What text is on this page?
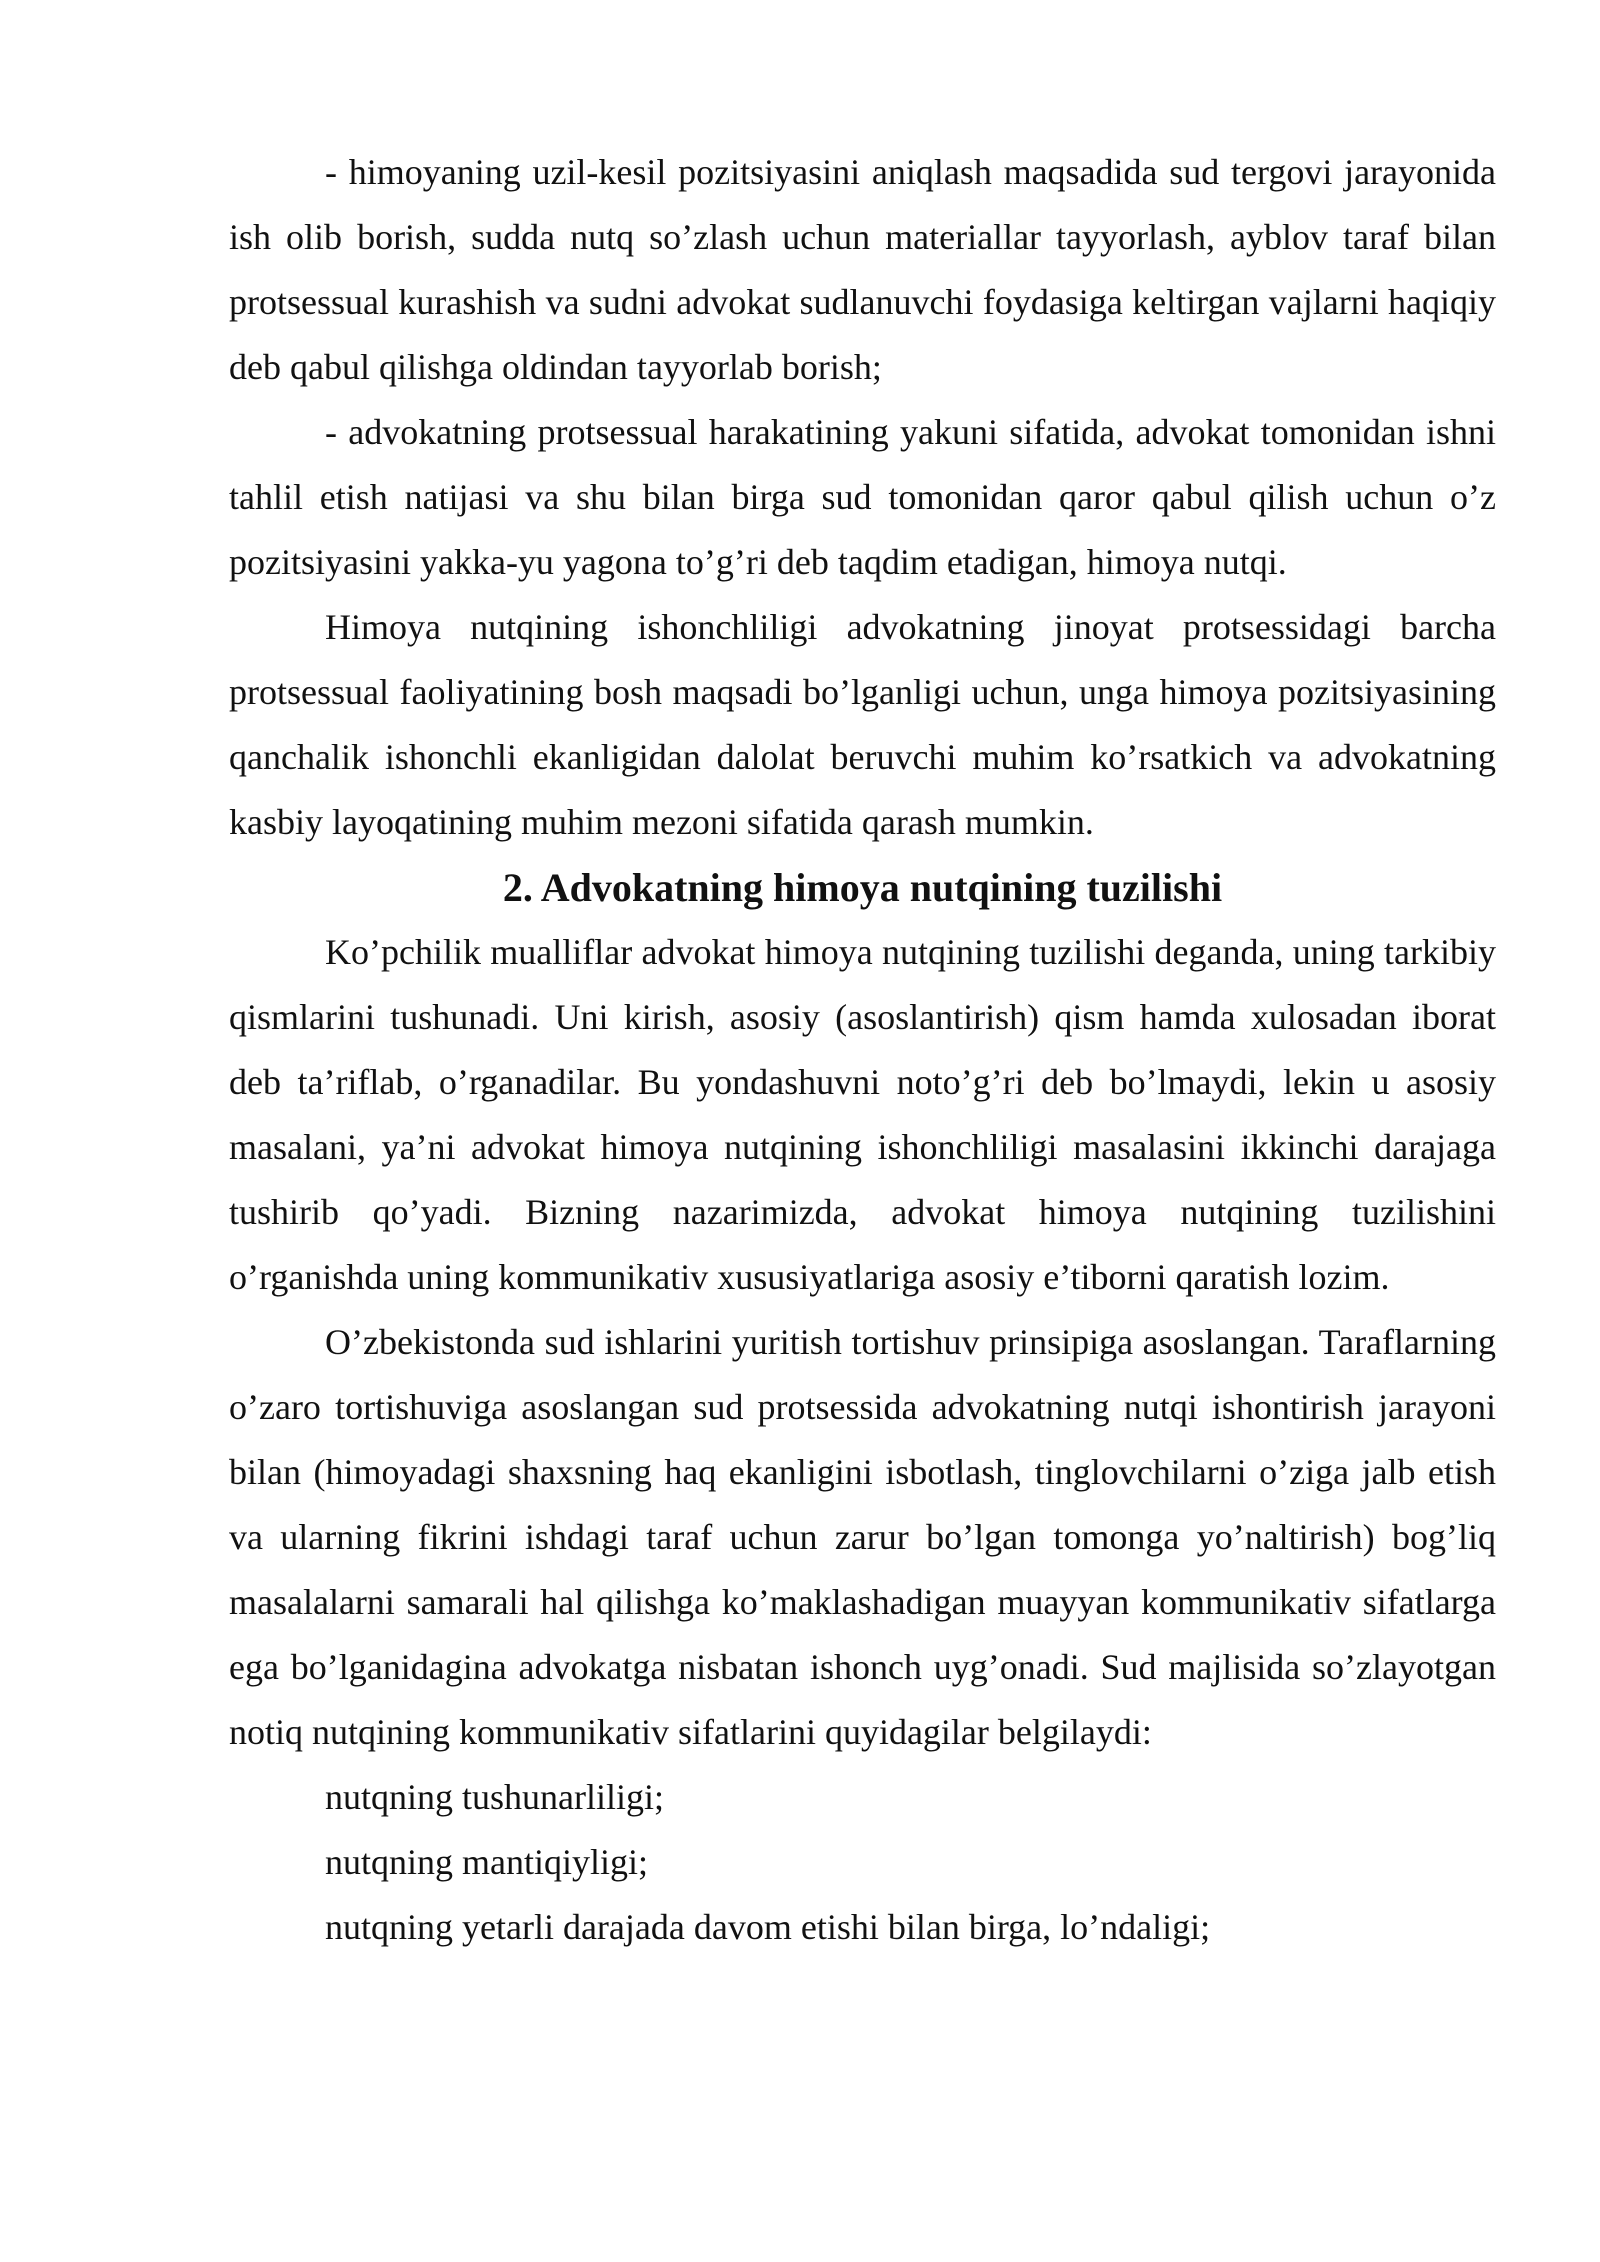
- himoyaning uzil-kesil pozitsiyasini aniqlash maqsadida sud tergovi jarayonida ish olib borish, sudda nutq so’zlash uchun materiallar tayyorlash, ayblov taraf bilan protsessual kurashish va sudni advokat sudlanuvchi foydasiga keltirgan vajlarni haqiqiy deb qabul qilishga oldindan tayyorlab borish;

- advokatning protsessual harakatining yakuni sifatida, advokat tomonidan ishni tahlil etish natijasi va shu bilan birga sud tomonidan qaror qabul qilish uchun o’z pozitsiyasini yakka-yu yagona to’g’ri deb taqdim etadigan, himoya nutqi.

Himoya nutqining ishonchliligi advokatning jinoyat protsessidagi barcha protsessual faoliyatining bosh maqsadi bo’lganligi uchun, unga himoya pozitsiyasining qanchalik ishonchli ekanligidan dalolat beruvchi muhim ko’rsatkich va advokatning kasbiy layoqatining muhim mezoni sifatida qarash mumkin.

2. Advokatning himoya nutqining tuzilishi

Ko’pchilik mualliflar advokat himoya nutqining tuzilishi deganda, uning tarkibiy qismlarini tushunadi. Uni kirish, asosiy (asoslantirish) qism hamda xulosadan iborat deb ta’riflab, o’rganadilar. Bu yondashuvni noto’g’ri deb bo’lmaydi, lekin u asosiy masalani, ya’ni advokat himoya nutqining ishonchliligi masalasini ikkinchi darajaga tushirib qo’yadi. Bizning nazarimizda, advokat himoya nutqining tuzilishini o’rganishda uning kommunikativ xususiyatlariga asosiy e’tiborni qaratish lozim.

O’zbekistonda sud ishlarini yuritish tortishuv prinsipiga asoslangan. Taraflarning o’zaro tortishuviga asoslangan sud protsessida advokatning nutqi ishontirish jarayoni bilan (himoyadagi shaxsning haq ekanligini isbotlash, tinglovchilarni o’ziga jalb etish va ularning fikrini ishdagi taraf uchun zarur bo’lgan tomonga yo’naltirish) bog’liq masalalarni samarali hal qilishga ko’maklashadigan muayyan kommunikativ sifatlarga ega bo’lganidagina advokatga nisbatan ishonch uyg’onadi. Sud majlisida so’zlayotgan notiq nutqining kommunikativ sifatlarini quyidagilar belgilaydi:

nutqning tushunarliligi;

nutqning mantiqiyligi;

nutqning yetarli darajada davom etishi bilan birga, lo’ndaligi;
